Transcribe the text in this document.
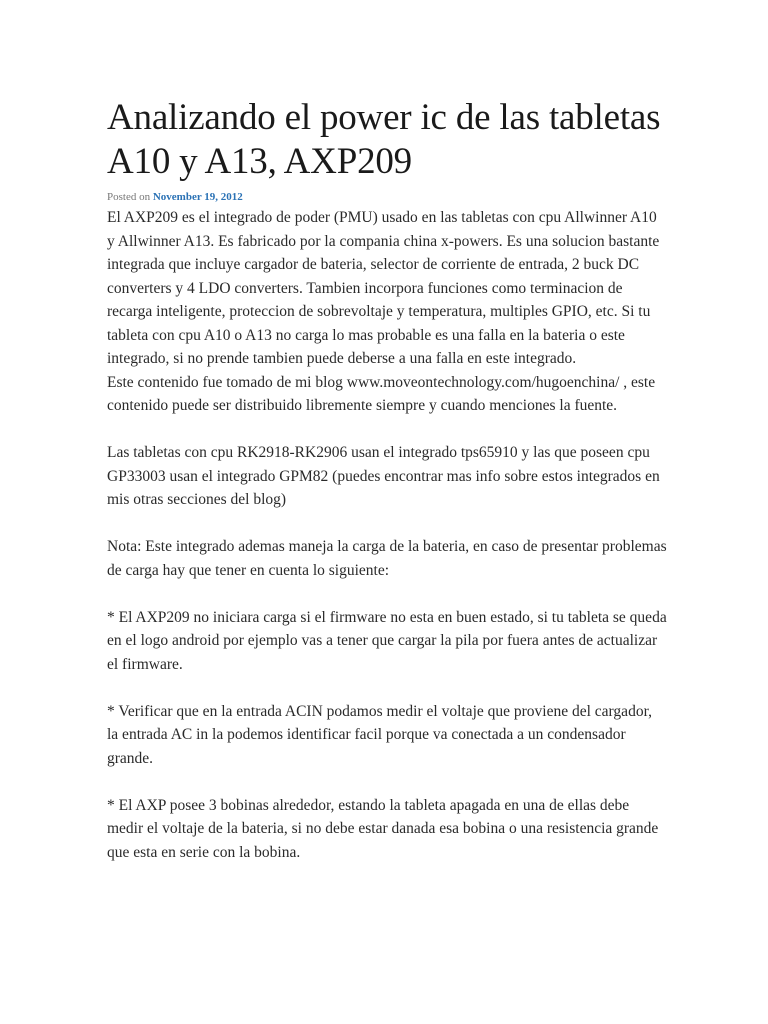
Analizando el power ic de las tabletas
A10 y A13, AXP209
Posted on November 19, 2012

El AXP209 es el integrado de poder (PMU) usado en las tabletas con cpu Allwinner A10 y Allwinner A13. Es fabricado por la compania china x-powers. Es una solucion bastante integrada que incluye cargador de bateria, selector de corriente de entrada, 2 buck DC converters y 4 LDO converters. Tambien incorpora funciones como terminacion de recarga inteligente, proteccion de sobrevoltaje y temperatura, multiples GPIO, etc. Si tu tableta con cpu A10 o A13 no carga lo mas probable es una falla en la bateria o este integrado, si no prende tambien puede deberse a una falla en este integrado.

Este contenido fue tomado de mi blog www.moveontechnology.com/hugoenchina/ , este contenido puede ser distribuido libremente siempre y cuando menciones la fuente.

Las tabletas con cpu RK2918-RK2906 usan el integrado tps65910 y las que poseen cpu GP33003 usan el integrado GPM82 (puedes encontrar mas info sobre estos integrados en mis otras secciones del blog)

Nota: Este integrado ademas maneja la carga de la bateria, en caso de presentar problemas de carga hay que tener en cuenta lo siguiente:

* El AXP209 no iniciara carga si el firmware no esta en buen estado, si tu tableta se queda en el logo android por ejemplo vas a tener que cargar la pila por fuera antes de actualizar el firmware.

* Verificar que en la entrada ACIN podamos medir el voltaje que proviene del cargador, la entrada AC in la podemos identificar facil porque va conectada a un condensador grande.

* El AXP posee 3 bobinas alrededor, estando la tableta apagada en una de ellas debe medir el voltaje de la bateria, si no debe estar danada esa bobina o una resistencia grande que esta en serie con la bobina.
